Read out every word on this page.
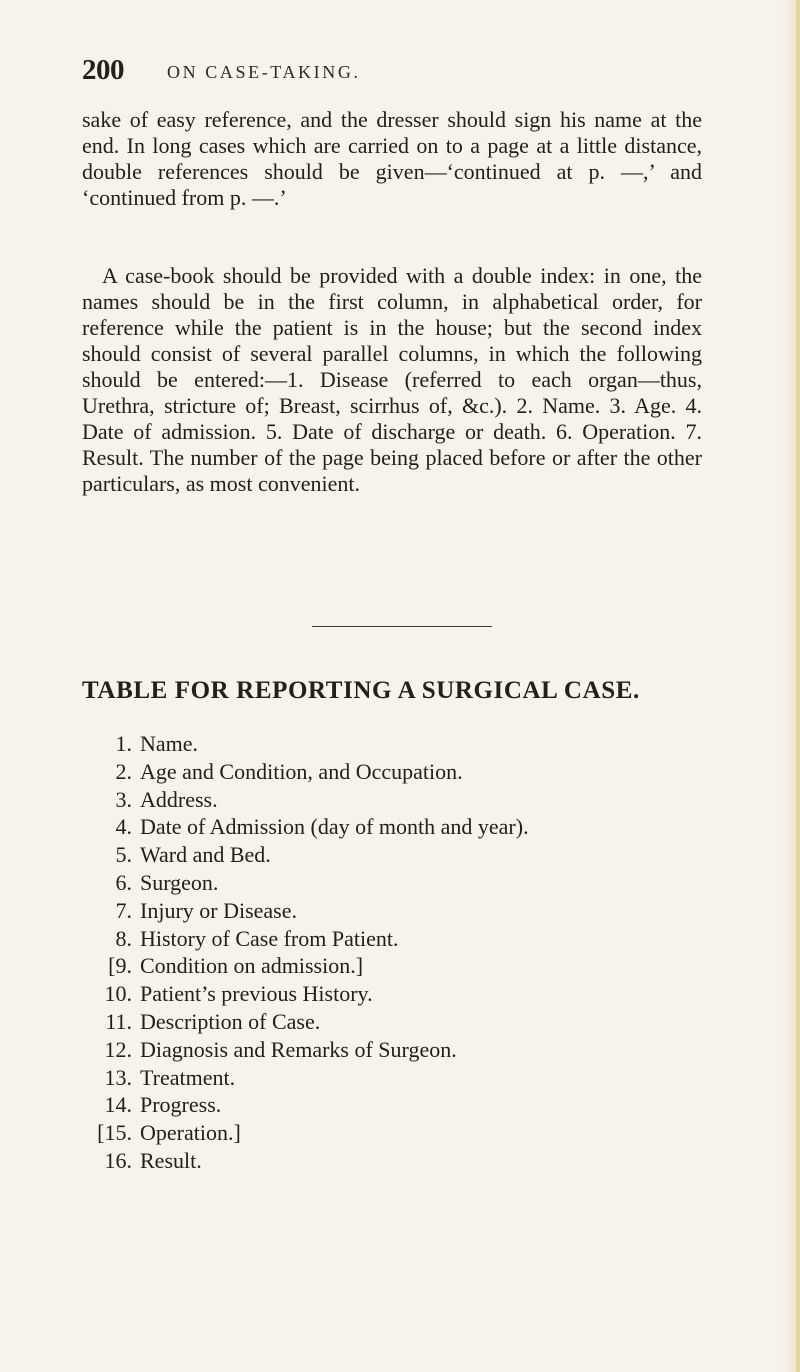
200 ON CASE-TAKING.

sake of easy reference, and the dresser should sign his name at the end. In long cases which are carried on to a page at a little distance, double references should be given—‘continued at p. —,’ and ‘continued from p. —.’

A case-book should be provided with a double index: in one, the names should be in the first column, in alphabetical order, for reference while the patient is in the house; but the second index should consist of several parallel columns, in which the following should be entered:—1. Disease (referred to each organ—thus, Urethra, stricture of; Breast, scirrhus of, &c.). 2. Name. 3. Age. 4. Date of admission. 5. Date of discharge or death. 6. Operation. 7. Result. The number of the page being placed before or after the other particulars, as most convenient.

TABLE FOR REPORTING A SURGICAL CASE.
1. Name.
2. Age and Condition, and Occupation.
3. Address.
4. Date of Admission (day of month and year).
5. Ward and Bed.
6. Surgeon.
7. Injury or Disease.
8. History of Case from Patient.
[9. Condition on admission.]
10. Patient’s previous History.
11. Description of Case.
12. Diagnosis and Remarks of Surgeon.
13. Treatment.
14. Progress.
[15. Operation.]
16. Result.
